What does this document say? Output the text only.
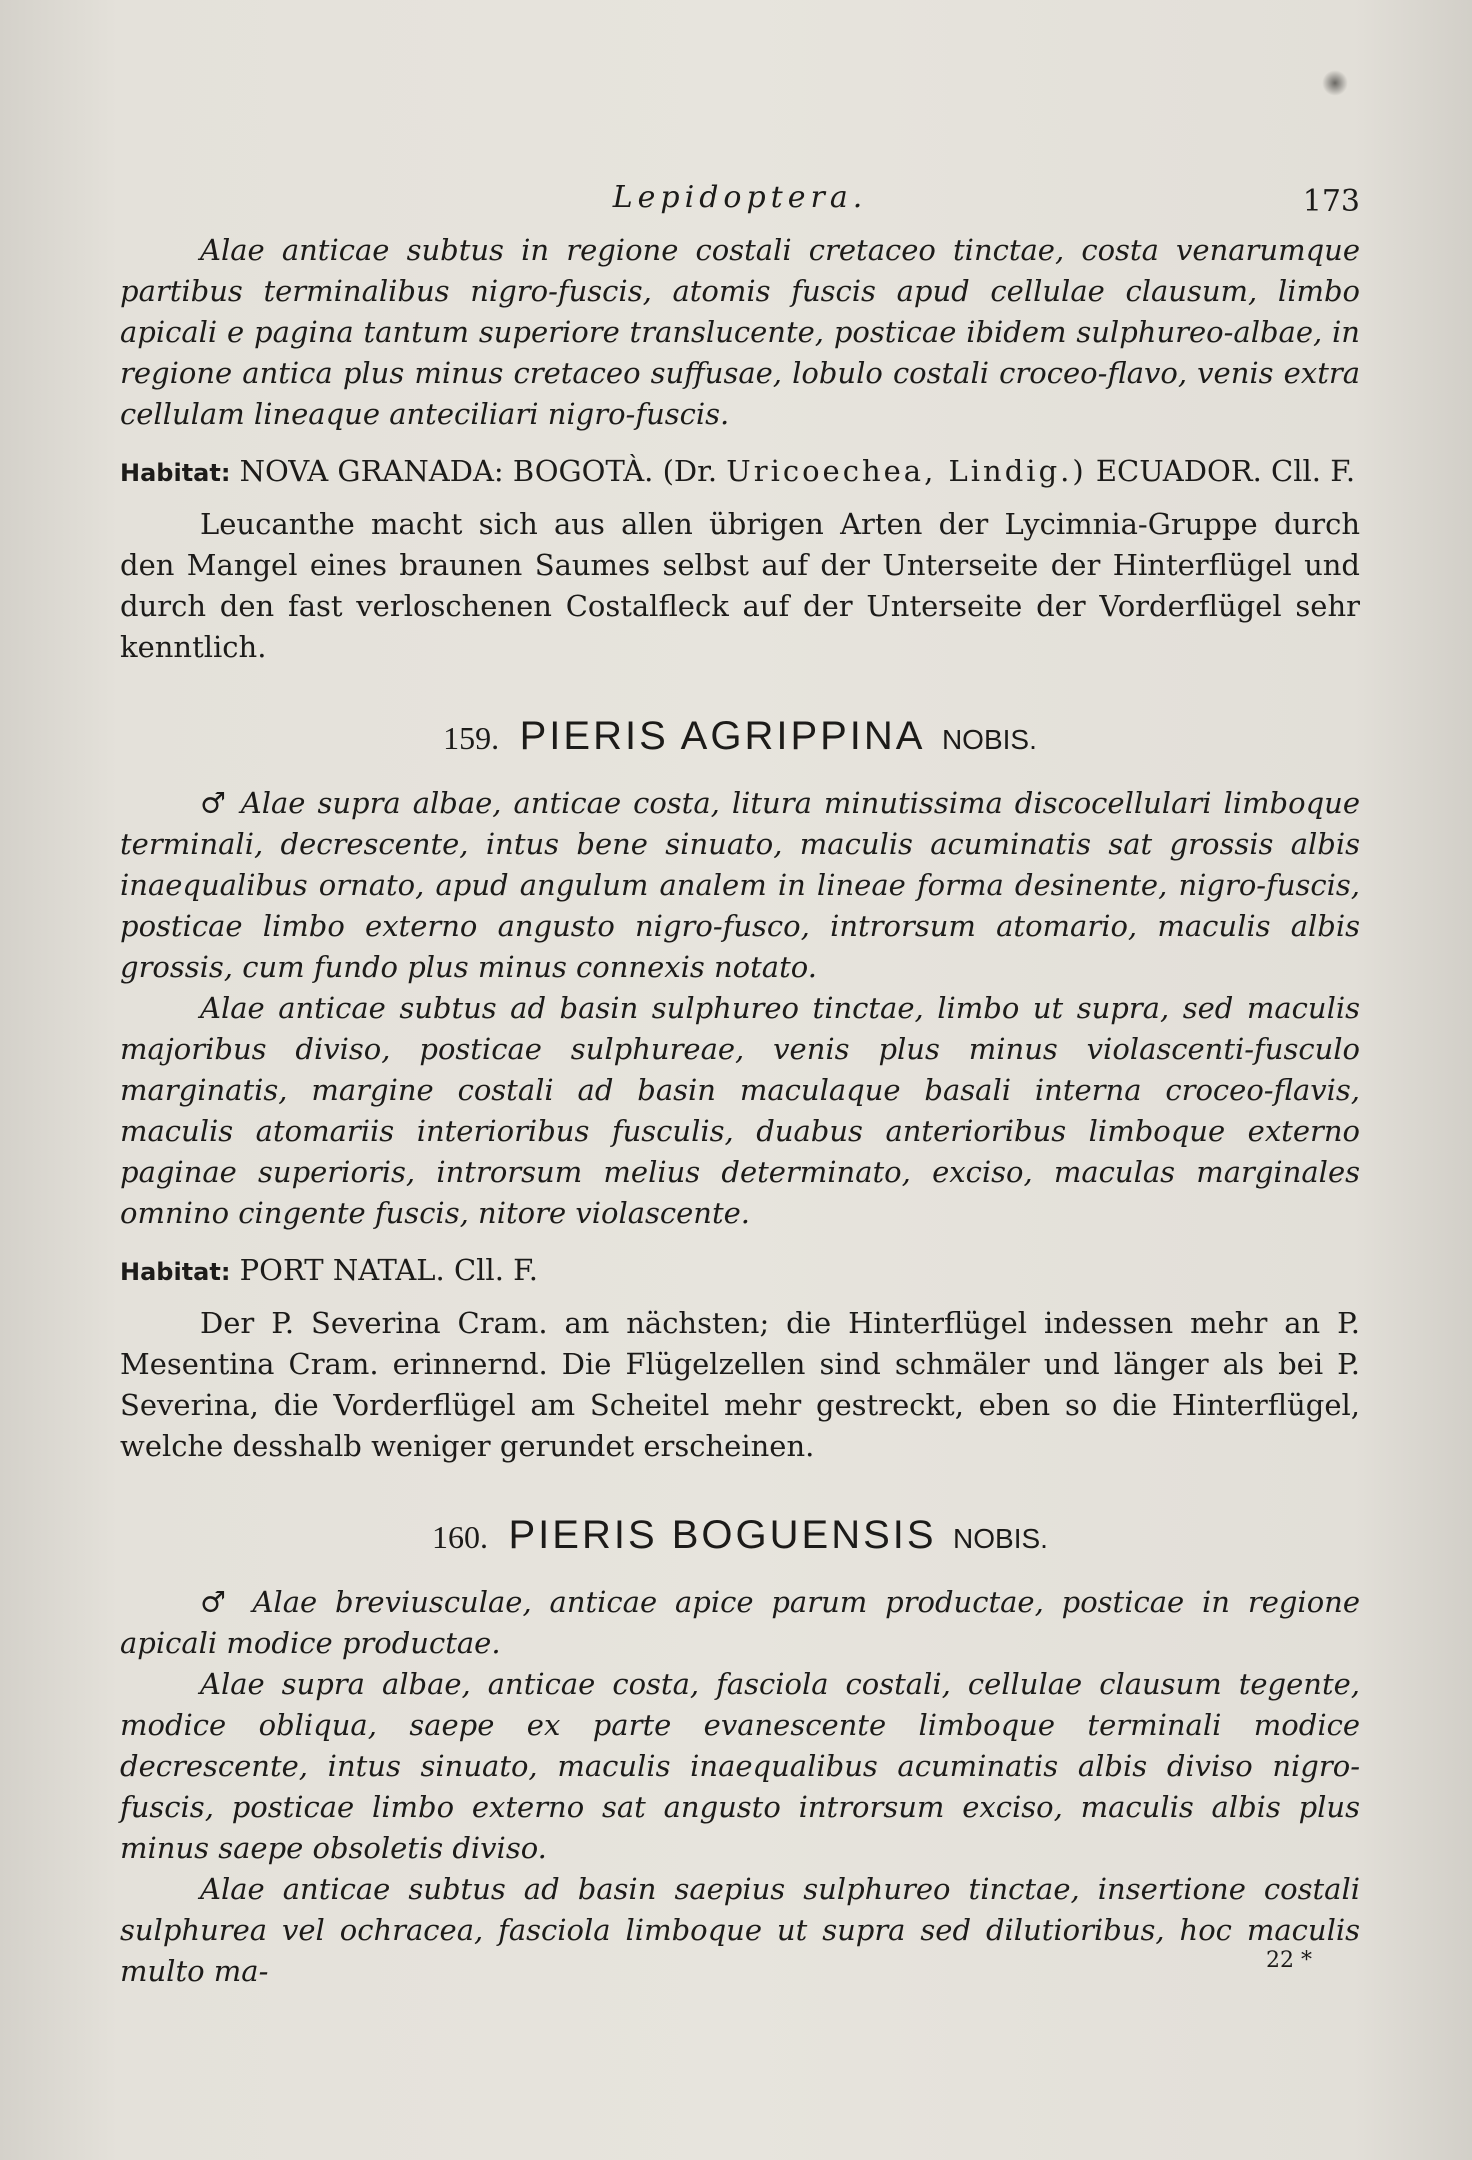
Lepidoptera.	173

Alae anticae subtus in regione costali cretaceo tinctae, costa venarumque partibus terminalibus nigro-fuscis, atomis fuscis apud cellulae clausum, limbo apicali e pagina tantum superiore translucente, posticae ibidem sulphureo-albae, in regione antica plus minus cretaceo suffusae, lobulo costali croceo-flavo, venis extra cellulam lineaque anteciliari nigro-fuscis.

Habitat: NOVA GRANADA: BOGOTÀ. (Dr. Uricoechea, Lindig.) ECUADOR. Cll. F.

Leucanthe macht sich aus allen übrigen Arten der Lycimnia-Gruppe durch den Mangel eines braunen Saumes selbst auf der Unterseite der Hinterflügel und durch den fast verloschenen Costalfleck auf der Unterseite der Vorderflügel sehr kenntlich.

159. PIERIS AGRIPPINA NOBIS.

♂ Alae supra albae, anticae costa, litura minutissima discocellulari limboque terminali, decrescente, intus bene sinuato, maculis acuminatis sat grossis albis inaequalibus ornato, apud angulum analem in lineae forma desinente, nigro-fuscis, posticae limbo externo angusto nigro-fusco, introrsum atomario, maculis albis grossis, cum fundo plus minus connexis notato.

Alae anticae subtus ad basin sulphureo tinctae, limbo ut supra, sed maculis majoribus diviso, posticae sulphureae, venis plus minus violascenti-fusculo marginatis, margine costali ad basin maculaque basali interna croceo-flavis, maculis atomariis interioribus fusculis, duabus anterioribus limboque externo paginae superioris, introrsum melius determinato, exciso, maculas marginales omnino cingente fuscis, nitore violascente.

Habitat: PORT NATAL. Cll. F.

Der P. Severina Cram. am nächsten; die Hinterflügel indessen mehr an P. Mesentina Cram. erinnernd. Die Flügelzellen sind schmäler und länger als bei P. Severina, die Vorderflügel am Scheitel mehr gestreckt, eben so die Hinterflügel, welche desshalb weniger gerundet erscheinen.

160. PIERIS BOGUENSIS NOBIS.

♂ Alae breviusculae, anticae apice parum productae, posticae in regione apicali modice productae.

Alae supra albae, anticae costa, fasciola costali, cellulae clausum tegente, modice obliqua, saepe ex parte evanescente limboque terminali modice decrescente, intus sinuato, maculis inaequalibus acuminatis albis diviso nigro-fuscis, posticae limbo externo sat angusto introrsum exciso, maculis albis plus minus saepe obsoletis diviso.

Alae anticae subtus ad basin saepius sulphureo tinctae, insertione costali sulphurea vel ochracea, fasciola limboque ut supra sed dilutioribus, hoc maculis multo ma-	22 *
